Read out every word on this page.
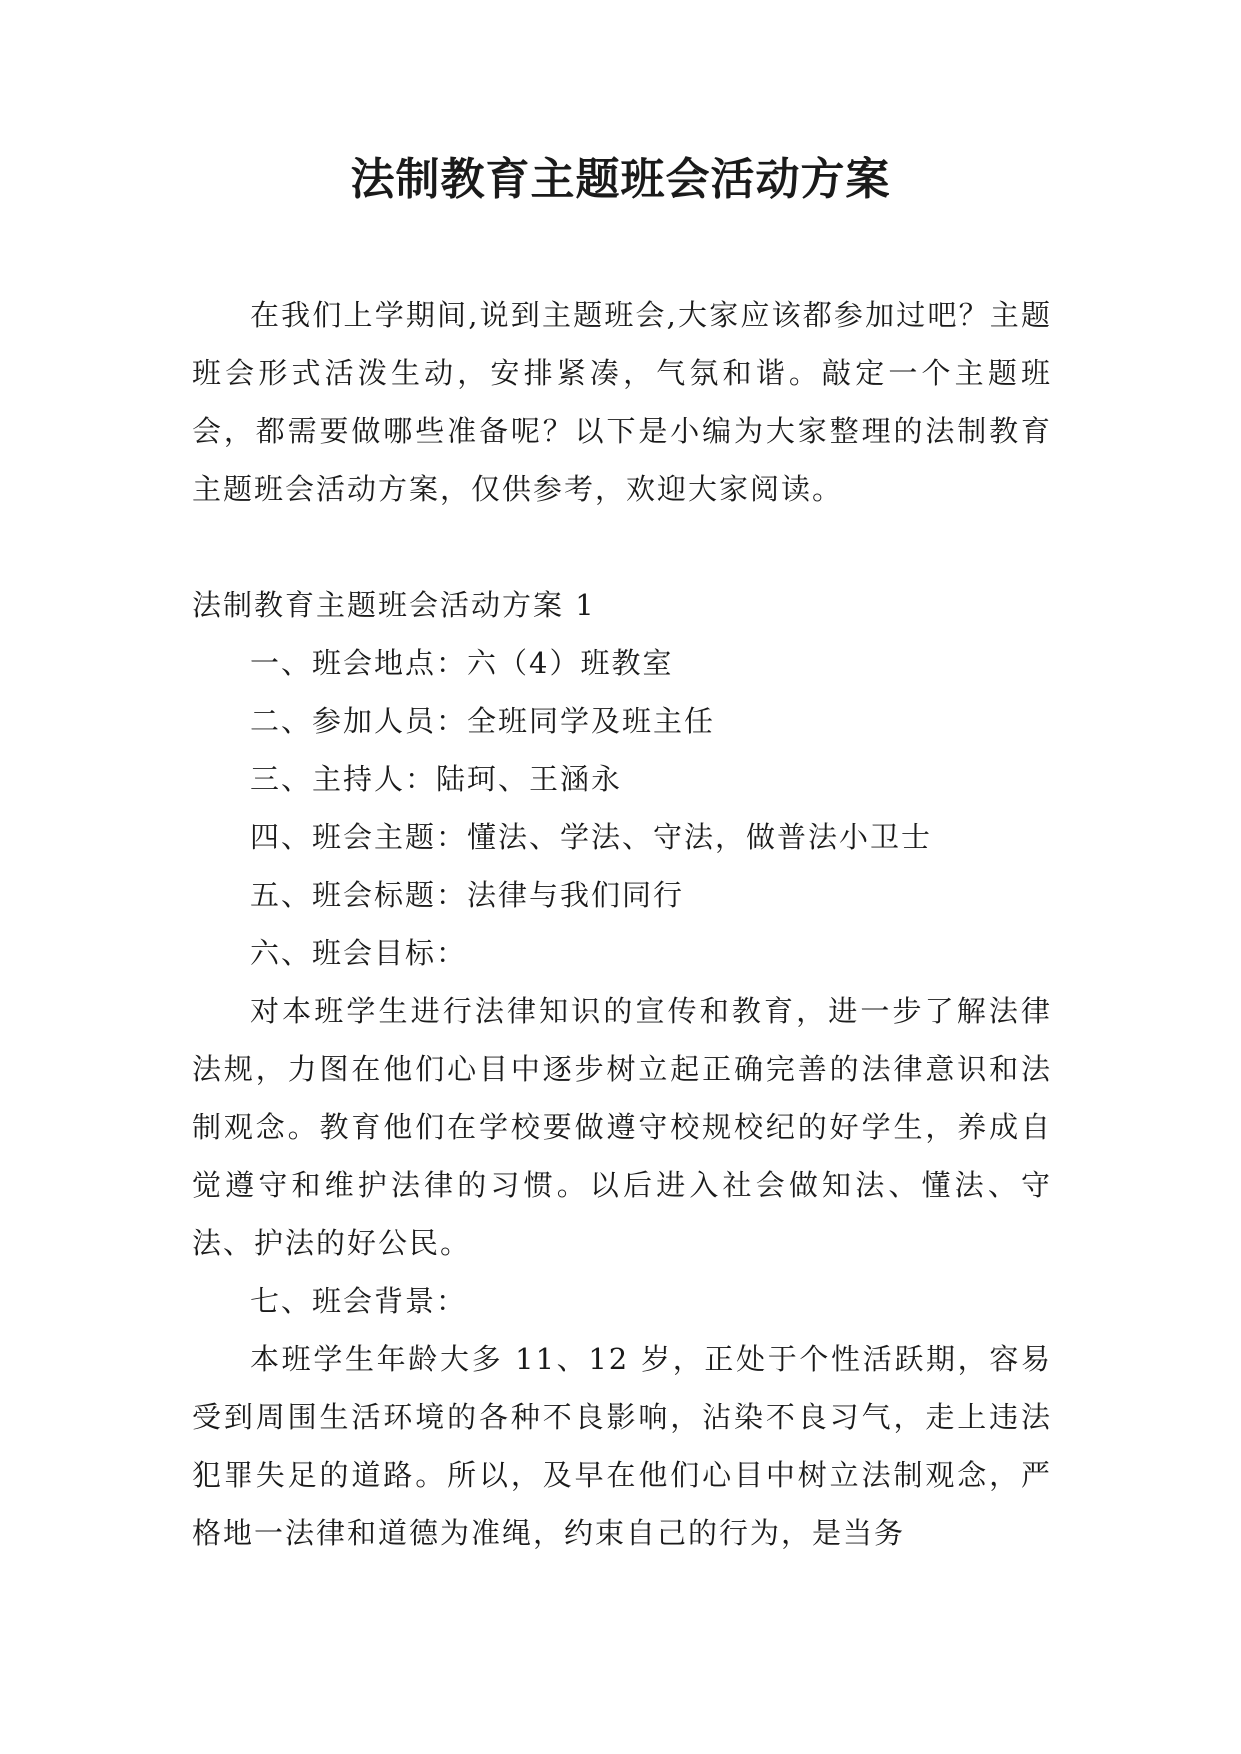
法制教育主题班会活动方案

在我们上学期间,说到主题班会,大家应该都参加过吧？主题班会形式活泼生动，安排紧凑，气氛和谐。敲定一个主题班会，都需要做哪些准备呢？以下是小编为大家整理的法制教育主题班会活动方案，仅供参考，欢迎大家阅读。

法制教育主题班会活动方案 1

一、班会地点：六（4）班教室

二、参加人员：全班同学及班主任

三、主持人：陆珂、王涵永

四、班会主题：懂法、学法、守法，做普法小卫士

五、班会标题：法律与我们同行

六、班会目标：

对本班学生进行法律知识的宣传和教育，进一步了解法律法规，力图在他们心目中逐步树立起正确完善的法律意识和法制观念。教育他们在学校要做遵守校规校纪的好学生，养成自觉遵守和维护法律的习惯。以后进入社会做知法、懂法、守法、护法的好公民。

七、班会背景：

本班学生年龄大多 11、12 岁，正处于个性活跃期，容易受到周围生活环境的各种不良影响，沾染不良习气，走上违法犯罪失足的道路。所以，及早在他们心目中树立法制观念，严格地一法律和道德为准绳，约束自己的行为，是当务
